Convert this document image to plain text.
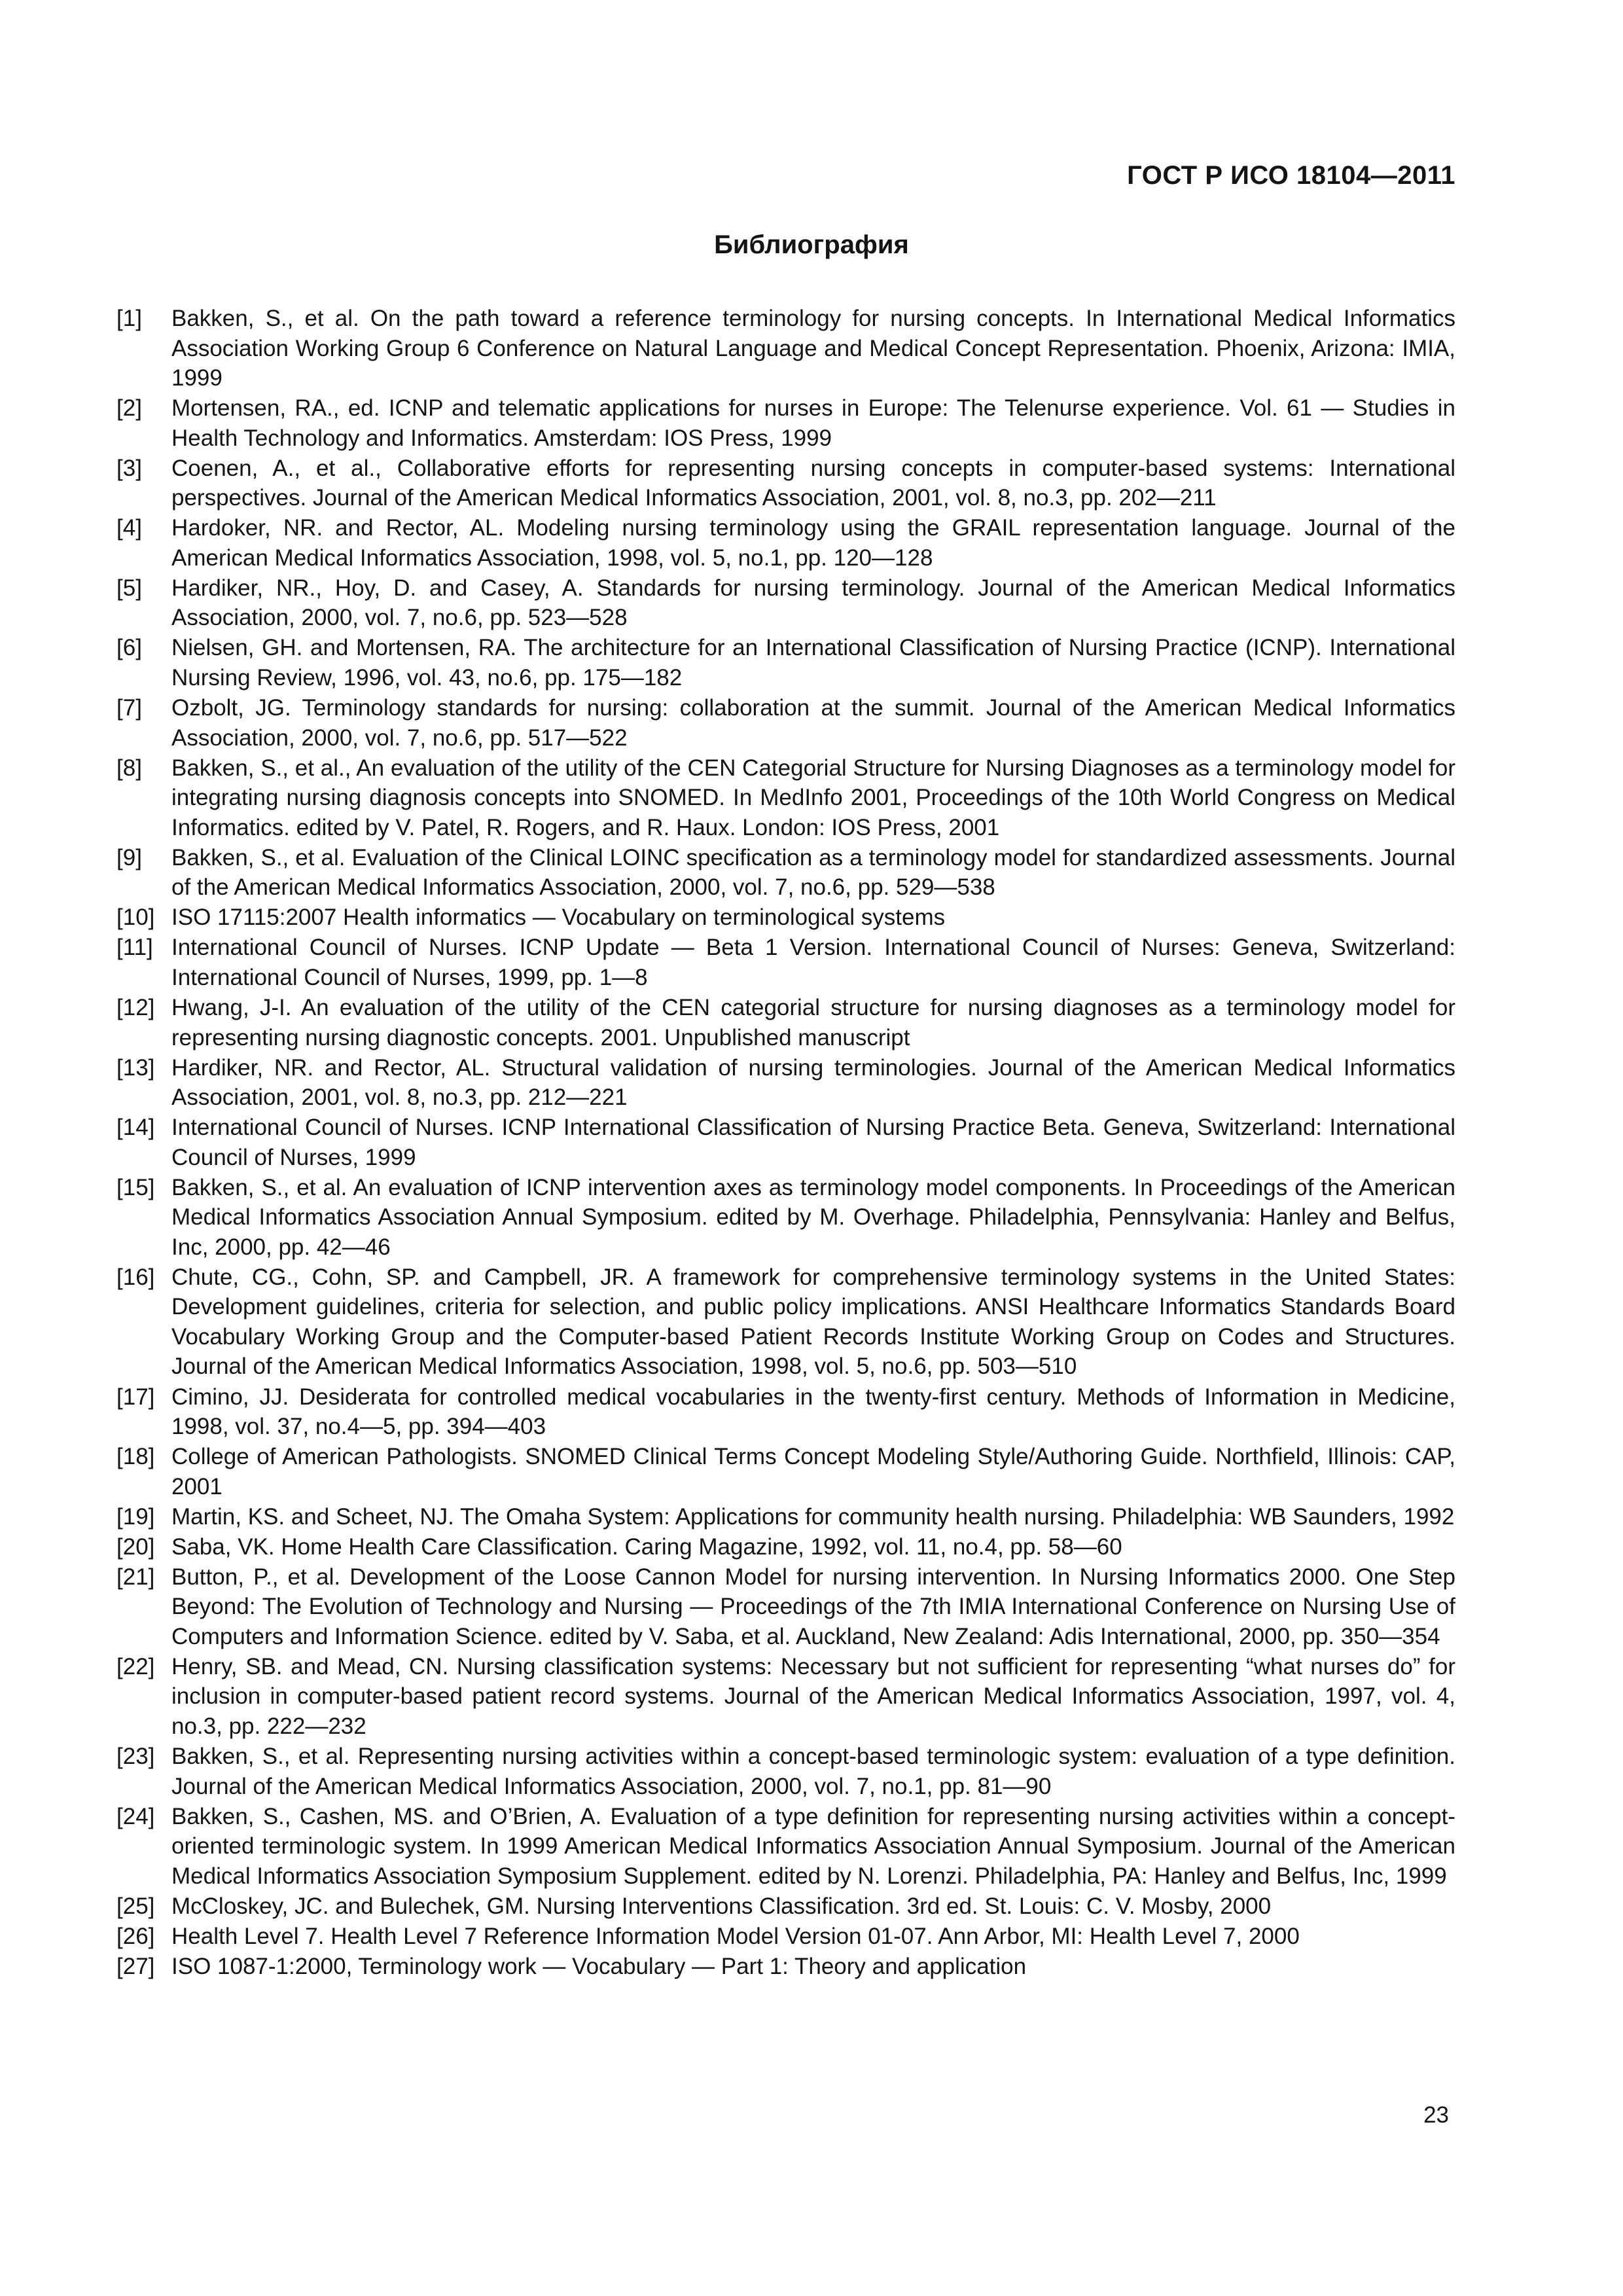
ГОСТ Р ИСО 18104—2011

Библиография
[1]	Bakken, S., et al. On the path toward a reference terminology for nursing concepts. In International Medical Informatics Association Working Group 6 Conference on Natural Language and Medical Concept Representation. Phoenix, Arizona: IMIA, 1999
[2]	Mortensen, RA., ed. ICNP and telematic applications for nurses in Europe: The Telenurse experience. Vol. 61 — Studies in Health Technology and Informatics. Amsterdam: IOS Press, 1999
[3]	Coenen, A., et al., Collaborative efforts for representing nursing concepts in computer-based systems: International perspectives. Journal of the American Medical Informatics Association, 2001, vol. 8, no.3, pp. 202—211
[4]	Hardoker, NR. and Rector, AL. Modeling nursing terminology using the GRAIL representation language. Journal of the American Medical Informatics Association, 1998, vol. 5, no.1, pp. 120—128
[5]	Hardiker, NR., Hoy, D. and Casey, A. Standards for nursing terminology. Journal of the American Medical Informatics Association, 2000, vol. 7, no.6, pp. 523—528
[6]	Nielsen, GH. and Mortensen, RA. The architecture for an International Classification of Nursing Practice (ICNP). International Nursing Review, 1996, vol. 43, no.6, pp. 175—182
[7]	Ozbolt, JG. Terminology standards for nursing: collaboration at the summit. Journal of the American Medical Informatics Association, 2000, vol. 7, no.6, pp. 517—522
[8]	Bakken, S., et al., An evaluation of the utility of the CEN Categorial Structure for Nursing Diagnoses as a terminology model for integrating nursing diagnosis concepts into SNOMED. In MedInfo 2001, Proceedings of the 10th World Congress on Medical Informatics. edited by V. Patel, R. Rogers, and R. Haux. London: IOS Press, 2001
[9]	Bakken, S., et al. Evaluation of the Clinical LOINC specification as a terminology model for standardized assessments. Journal of the American Medical Informatics Association, 2000, vol. 7, no.6, pp. 529—538
[10] ISO 17115:2007 Health informatics — Vocabulary on terminological systems
[11] International Council of Nurses. ICNP Update — Beta 1 Version. International Council of Nurses: Geneva, Switzerland: International Council of Nurses, 1999, pp. 1—8
[12] Hwang, J-I. An evaluation of the utility of the CEN categorial structure for nursing diagnoses as a terminology model for representing nursing diagnostic concepts. 2001. Unpublished manuscript
[13] Hardiker, NR. and Rector, AL. Structural validation of nursing terminologies. Journal of the American Medical Informatics Association, 2001, vol. 8, no.3, pp. 212—221
[14] International Council of Nurses. ICNP International Classification of Nursing Practice Beta. Geneva, Switzerland: International Council of Nurses, 1999
[15] Bakken, S., et al. An evaluation of ICNP intervention axes as terminology model components. In Proceedings of the American Medical Informatics Association Annual Symposium. edited by M. Overhage. Philadelphia, Pennsylvania: Hanley and Belfus, Inc, 2000, pp. 42—46
[16] Chute, CG., Cohn, SP. and Campbell, JR. A framework for comprehensive terminology systems in the United States: Development guidelines, criteria for selection, and public policy implications. ANSI Healthcare Informatics Standards Board Vocabulary Working Group and the Computer-based Patient Records Institute Working Group on Codes and Structures. Journal of the American Medical Informatics Association, 1998, vol. 5, no.6, pp. 503—510
[17] Cimino, JJ. Desiderata for controlled medical vocabularies in the twenty-first century. Methods of Information in Medicine, 1998, vol. 37, no.4—5, pp. 394—403
[18] College of American Pathologists. SNOMED Clinical Terms Concept Modeling Style/Authoring Guide. Northfield, Illinois: CAP, 2001
[19] Martin, KS. and Scheet, NJ. The Omaha System: Applications for community health nursing. Philadelphia: WB Saunders, 1992
[20] Saba, VK. Home Health Care Classification. Caring Magazine, 1992, vol. 11, no.4, pp. 58—60
[21] Button, P., et al. Development of the Loose Cannon Model for nursing intervention. In Nursing Informatics 2000. One Step Beyond: The Evolution of Technology and Nursing — Proceedings of the 7th IMIA International Conference on Nursing Use of Computers and Information Science. edited by V. Saba, et al. Auckland, New Zealand: Adis International, 2000, pp. 350—354
[22] Henry, SB. and Mead, CN. Nursing classification systems: Necessary but not sufficient for representing “what nurses do” for inclusion in computer-based patient record systems. Journal of the American Medical Informatics Association, 1997, vol. 4, no.3, pp. 222—232
[23] Bakken, S., et al. Representing nursing activities within a concept-based terminologic system: evaluation of a type definition. Journal of the American Medical Informatics Association, 2000, vol. 7, no.1, pp. 81—90
[24] Bakken, S., Cashen, MS. and O’Brien, A. Evaluation of a type definition for representing nursing activities within a concept-oriented terminologic system. In 1999 American Medical Informatics Association Annual Symposium. Journal of the American Medical Informatics Association Symposium Supplement. edited by N. Lorenzi. Philadelphia, PA: Hanley and Belfus, Inc, 1999
[25] McCloskey, JC. and Bulechek, GM. Nursing Interventions Classification. 3rd ed. St. Louis: C. V. Mosby, 2000
[26] Health Level 7. Health Level 7 Reference Information Model Version 01-07. Ann Arbor, MI: Health Level 7, 2000
[27] ISO 1087-1:2000, Terminology work — Vocabulary — Part 1: Theory and application

23
